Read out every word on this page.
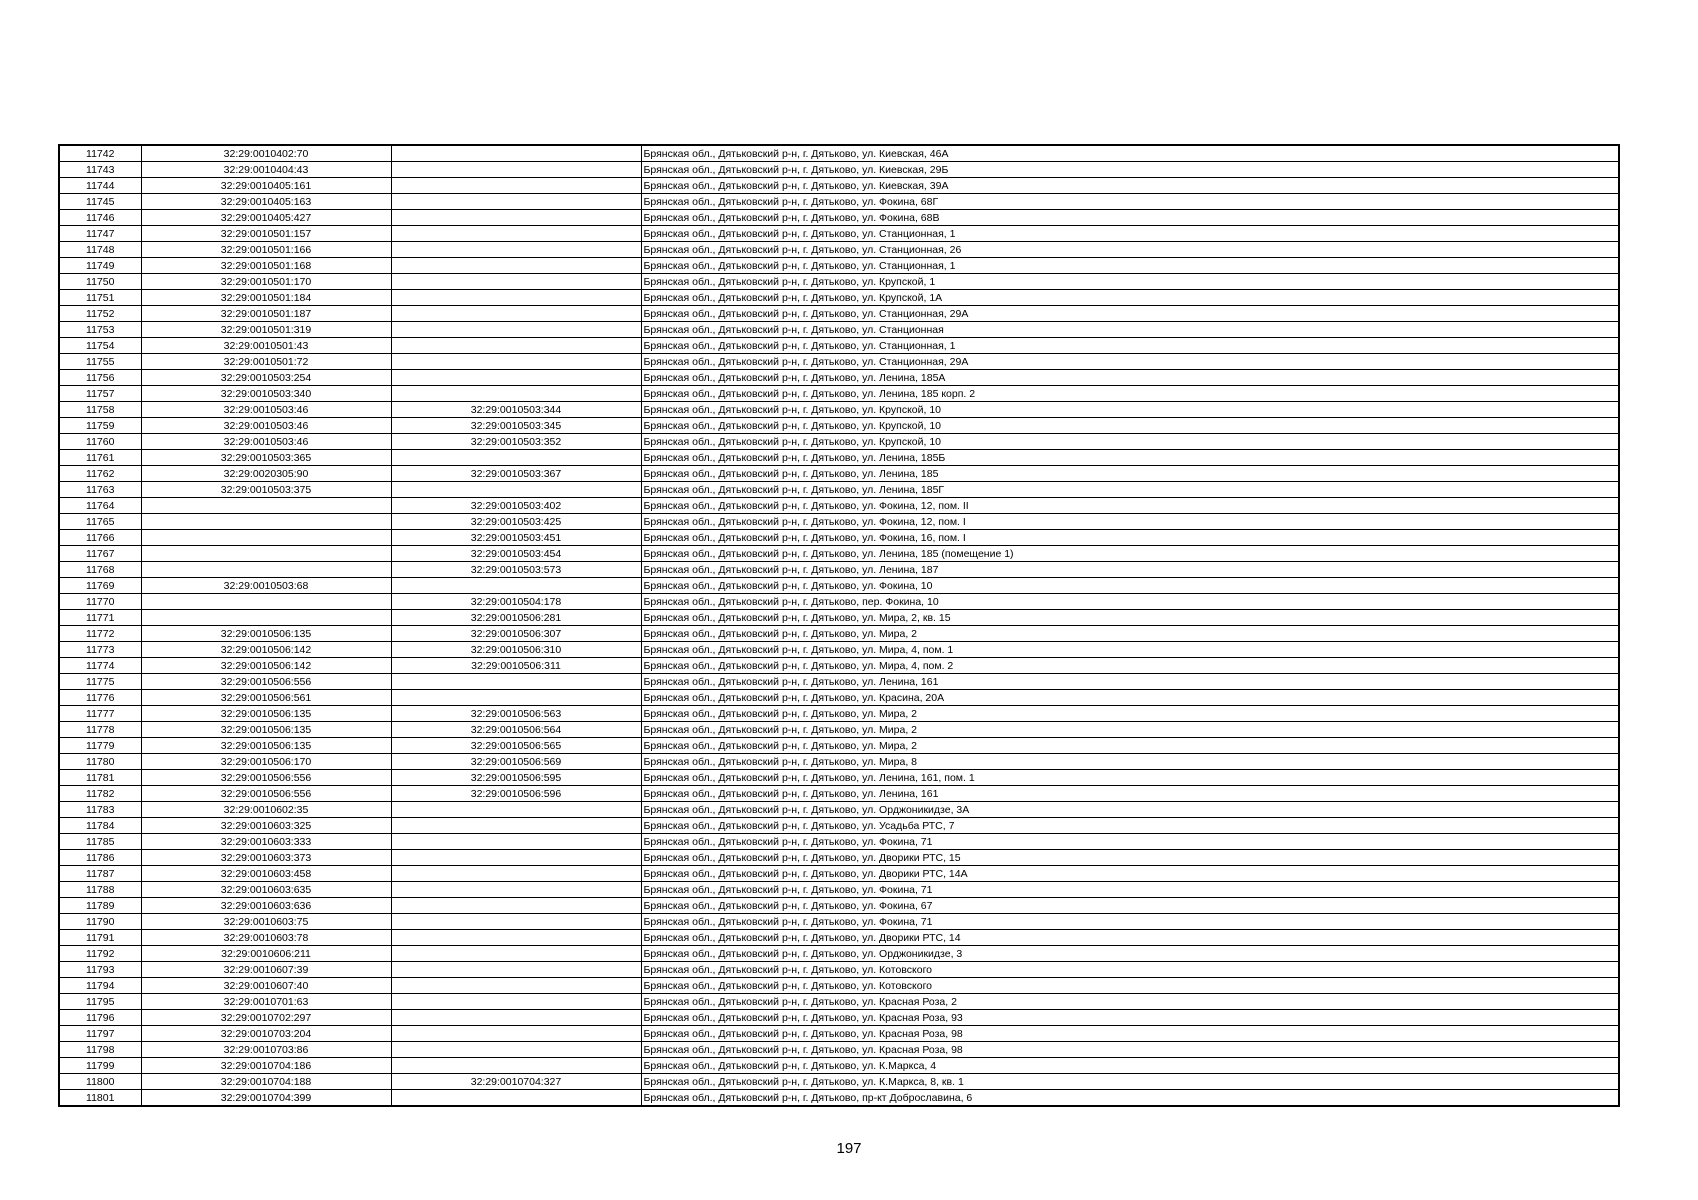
11742	32:29:0010402:70		Брянская обл., Дятьковский р-н, г. Дятьково, ул. Киевская, 46А
11743	32:29:0010404:43		Брянская обл., Дятьковский р-н, г. Дятьково, ул. Киевская, 29Б
11744	32:29:0010405:161		Брянская обл., Дятьковский р-н, г. Дятьково, ул. Киевская, 39А
11745	32:29:0010405:163		Брянская обл., Дятьковский р-н, г. Дятьково, ул. Фокина, 68Г
11746	32:29:0010405:427		Брянская обл., Дятьковский р-н, г. Дятьково, ул. Фокина, 68В
11747	32:29:0010501:157		Брянская обл., Дятьковский р-н, г. Дятьково, ул. Станционная, 1
11748	32:29:0010501:166		Брянская обл., Дятьковский р-н, г. Дятьково, ул. Станционная, 26
11749	32:29:0010501:168		Брянская обл., Дятьковский р-н, г. Дятьково, ул. Станционная, 1
11750	32:29:0010501:170		Брянская обл., Дятьковский р-н, г. Дятьково, ул. Крупской, 1
11751	32:29:0010501:184		Брянская обл., Дятьковский р-н, г. Дятьково, ул. Крупской, 1А
11752	32:29:0010501:187		Брянская обл., Дятьковский р-н, г. Дятьково, ул. Станционная, 29А
11753	32:29:0010501:319		Брянская обл., Дятьковский р-н, г. Дятьково, ул. Станционная
11754	32:29:0010501:43		Брянская обл., Дятьковский р-н, г. Дятьково, ул. Станционная, 1
11755	32:29:0010501:72		Брянская обл., Дятьковский р-н, г. Дятьково, ул. Станционная, 29А
11756	32:29:0010503:254		Брянская обл., Дятьковский р-н, г. Дятьково, ул. Ленина, 185А
11757	32:29:0010503:340		Брянская обл., Дятьковский р-н, г. Дятьково, ул. Ленина, 185 корп. 2
11758	32:29:0010503:46	32:29:0010503:344	Брянская обл., Дятьковский р-н, г. Дятьково, ул. Крупской, 10
11759	32:29:0010503:46	32:29:0010503:345	Брянская обл., Дятьковский р-н, г. Дятьково, ул. Крупской, 10
11760	32:29:0010503:46	32:29:0010503:352	Брянская обл., Дятьковский р-н, г. Дятьково, ул. Крупской, 10
11761	32:29:0010503:365		Брянская обл., Дятьковский р-н, г. Дятьково, ул. Ленина, 185Б
11762	32:29:0020305:90	32:29:0010503:367	Брянская обл., Дятьковский р-н, г. Дятьково, ул. Ленина, 185
11763	32:29:0010503:375		Брянская обл., Дятьковский р-н, г. Дятьково, ул. Ленина, 185Г
11764		32:29:0010503:402	Брянская обл., Дятьковский р-н, г. Дятьково, ул. Фокина, 12, пом. II
11765		32:29:0010503:425	Брянская обл., Дятьковский р-н, г. Дятьково, ул. Фокина, 12, пом. I
11766		32:29:0010503:451	Брянская обл., Дятьковский р-н, г. Дятьково, ул. Фокина, 16, пом. I
11767		32:29:0010503:454	Брянская обл., Дятьковский р-н, г. Дятьково, ул. Ленина, 185 (помещение 1)
11768		32:29:0010503:573	Брянская обл., Дятьковский р-н, г. Дятьково, ул. Ленина, 187
11769	32:29:0010503:68		Брянская обл., Дятьковский р-н, г. Дятьково, ул. Фокина, 10
11770		32:29:0010504:178	Брянская обл., Дятьковский р-н, г. Дятьково, пер. Фокина, 10
11771		32:29:0010506:281	Брянская обл., Дятьковский р-н, г. Дятьково, ул. Мира, 2, кв. 15
11772	32:29:0010506:135	32:29:0010506:307	Брянская обл., Дятьковский р-н, г. Дятьково, ул. Мира, 2
11773	32:29:0010506:142	32:29:0010506:310	Брянская обл., Дятьковский р-н, г. Дятьково, ул. Мира, 4, пом. 1
11774	32:29:0010506:142	32:29:0010506:311	Брянская обл., Дятьковский р-н, г. Дятьково, ул. Мира, 4, пом. 2
11775	32:29:0010506:556		Брянская обл., Дятьковский р-н, г. Дятьково, ул. Ленина, 161
11776	32:29:0010506:561		Брянская обл., Дятьковский р-н, г. Дятьково, ул. Красина, 20А
11777	32:29:0010506:135	32:29:0010506:563	Брянская обл., Дятьковский р-н, г. Дятьково, ул. Мира, 2
11778	32:29:0010506:135	32:29:0010506:564	Брянская обл., Дятьковский р-н, г. Дятьково, ул. Мира, 2
11779	32:29:0010506:135	32:29:0010506:565	Брянская обл., Дятьковский р-н, г. Дятьково, ул. Мира, 2
11780	32:29:0010506:170	32:29:0010506:569	Брянская обл., Дятьковский р-н, г. Дятьково, ул. Мира, 8
11781	32:29:0010506:556	32:29:0010506:595	Брянская обл., Дятьковский р-н, г. Дятьково, ул. Ленина, 161, пом. 1
11782	32:29:0010506:556	32:29:0010506:596	Брянская обл., Дятьковский р-н, г. Дятьково, ул. Ленина, 161
11783	32:29:0010602:35		Брянская обл., Дятьковский р-н, г. Дятьково, ул. Орджоникидзе, 3А
11784	32:29:0010603:325		Брянская обл., Дятьковский р-н, г. Дятьково, ул. Усадьба РТС, 7
11785	32:29:0010603:333		Брянская обл., Дятьковский р-н, г. Дятьково, ул. Фокина, 71
11786	32:29:0010603:373		Брянская обл., Дятьковский р-н, г. Дятьково, ул. Дворики РТС, 15
11787	32:29:0010603:458		Брянская обл., Дятьковский р-н, г. Дятьково, ул. Дворики РТС, 14А
11788	32:29:0010603:635		Брянская обл., Дятьковский р-н, г. Дятьково, ул. Фокина, 71
11789	32:29:0010603:636		Брянская обл., Дятьковский р-н, г. Дятьково, ул. Фокина, 67
11790	32:29:0010603:75		Брянская обл., Дятьковский р-н, г. Дятьково, ул. Фокина, 71
11791	32:29:0010603:78		Брянская обл., Дятьковский р-н, г. Дятьково, ул. Дворики РТС, 14
11792	32:29:0010606:211		Брянская обл., Дятьковский р-н, г. Дятьково, ул. Орджоникидзе, 3
11793	32:29:0010607:39		Брянская обл., Дятьковский р-н, г. Дятьково, ул. Котовского
11794	32:29:0010607:40		Брянская обл., Дятьковский р-н, г. Дятьково, ул. Котовского
11795	32:29:0010701:63		Брянская обл., Дятьковский р-н, г. Дятьково, ул. Красная Роза, 2
11796	32:29:0010702:297		Брянская обл., Дятьковский р-н, г. Дятьково, ул. Красная Роза, 93
11797	32:29:0010703:204		Брянская обл., Дятьковский р-н, г. Дятьково, ул. Красная Роза, 98
11798	32:29:0010703:86		Брянская обл., Дятьковский р-н, г. Дятьково, ул. Красная Роза, 98
11799	32:29:0010704:186		Брянская обл., Дятьковский р-н, г. Дятьково, ул. К.Маркса, 4
11800	32:29:0010704:188	32:29:0010704:327	Брянская обл., Дятьковский р-н, г. Дятьково, ул. К.Маркса, 8, кв. 1
11801	32:29:0010704:399		Брянская обл., Дятьковский р-н, г. Дятьково, пр-кт Доброславина, 6
197
